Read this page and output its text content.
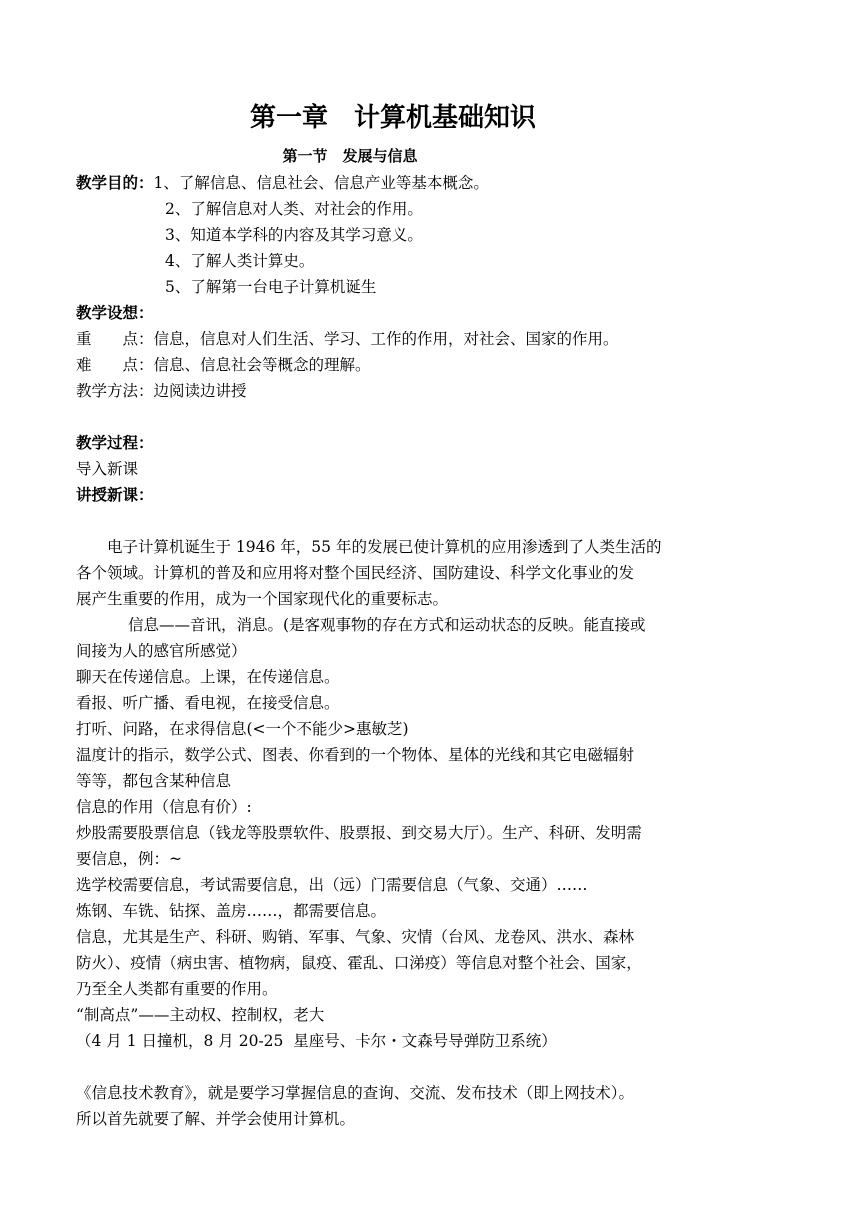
第一章　计算机基础知识
第一节　发展与信息
教学目的：1、了解信息、信息社会、信息产业等基本概念。
2、了解信息对人类、对社会的作用。
3、知道本学科的内容及其学习意义。
4、了解人类计算史。
5、了解第一台电子计算机诞生
教学设想：
重　　点：信息，信息对人们生活、学习、工作的作用，对社会、国家的作用。
难　　点：信息、信息社会等概念的理解。
教学方法：边阅读边讲授
教学过程：
导入新课
讲授新课：
电子计算机诞生于 1946 年，55 年的发展已使计算机的应用渗透到了人类生活的
各个领域。计算机的普及和应用将对整个国民经济、国防建设、科学文化事业的发
展产生重要的作用，成为一个国家现代化的重要标志。
信息——音讯，消息。(是客观事物的存在方式和运动状态的反映。能直接或
间接为人的感官所感觉）
聊天在传递信息。上课，在传递信息。
看报、听广播、看电视，在接受信息。
打听、问路，在求得信息(<一个不能少>惠敏芝)
温度计的指示，数学公式、图表、你看到的一个物体、星体的光线和其它电磁辐射
等等，都包含某种信息
信息的作用（信息有价）:
炒股需要股票信息（钱龙等股票软件、股票报、到交易大厅）。生产、科研、发明需
要信息，例：~
选学校需要信息，考试需要信息，出（远）门需要信息（气象、交通）……
炼钢、车铣、钻探、盖房……，都需要信息。
信息，尤其是生产、科研、购销、军事、气象、灾情（台风、龙卷风、洪水、森林
防火）、疫情（病虫害、植物病，鼠疫、霍乱、口涕疫）等信息对整个社会、国家，
乃至全人类都有重要的作用。
“制高点”——主动权、控制权，老大
（4 月 1 日撞机，8 月 20-25  星座号、卡尔・文森号导弹防卫系统）
《信息技术教育》，就是要学习掌握信息的查询、交流、发布技术（即上网技术）。
所以首先就要了解、并学会使用计算机。
